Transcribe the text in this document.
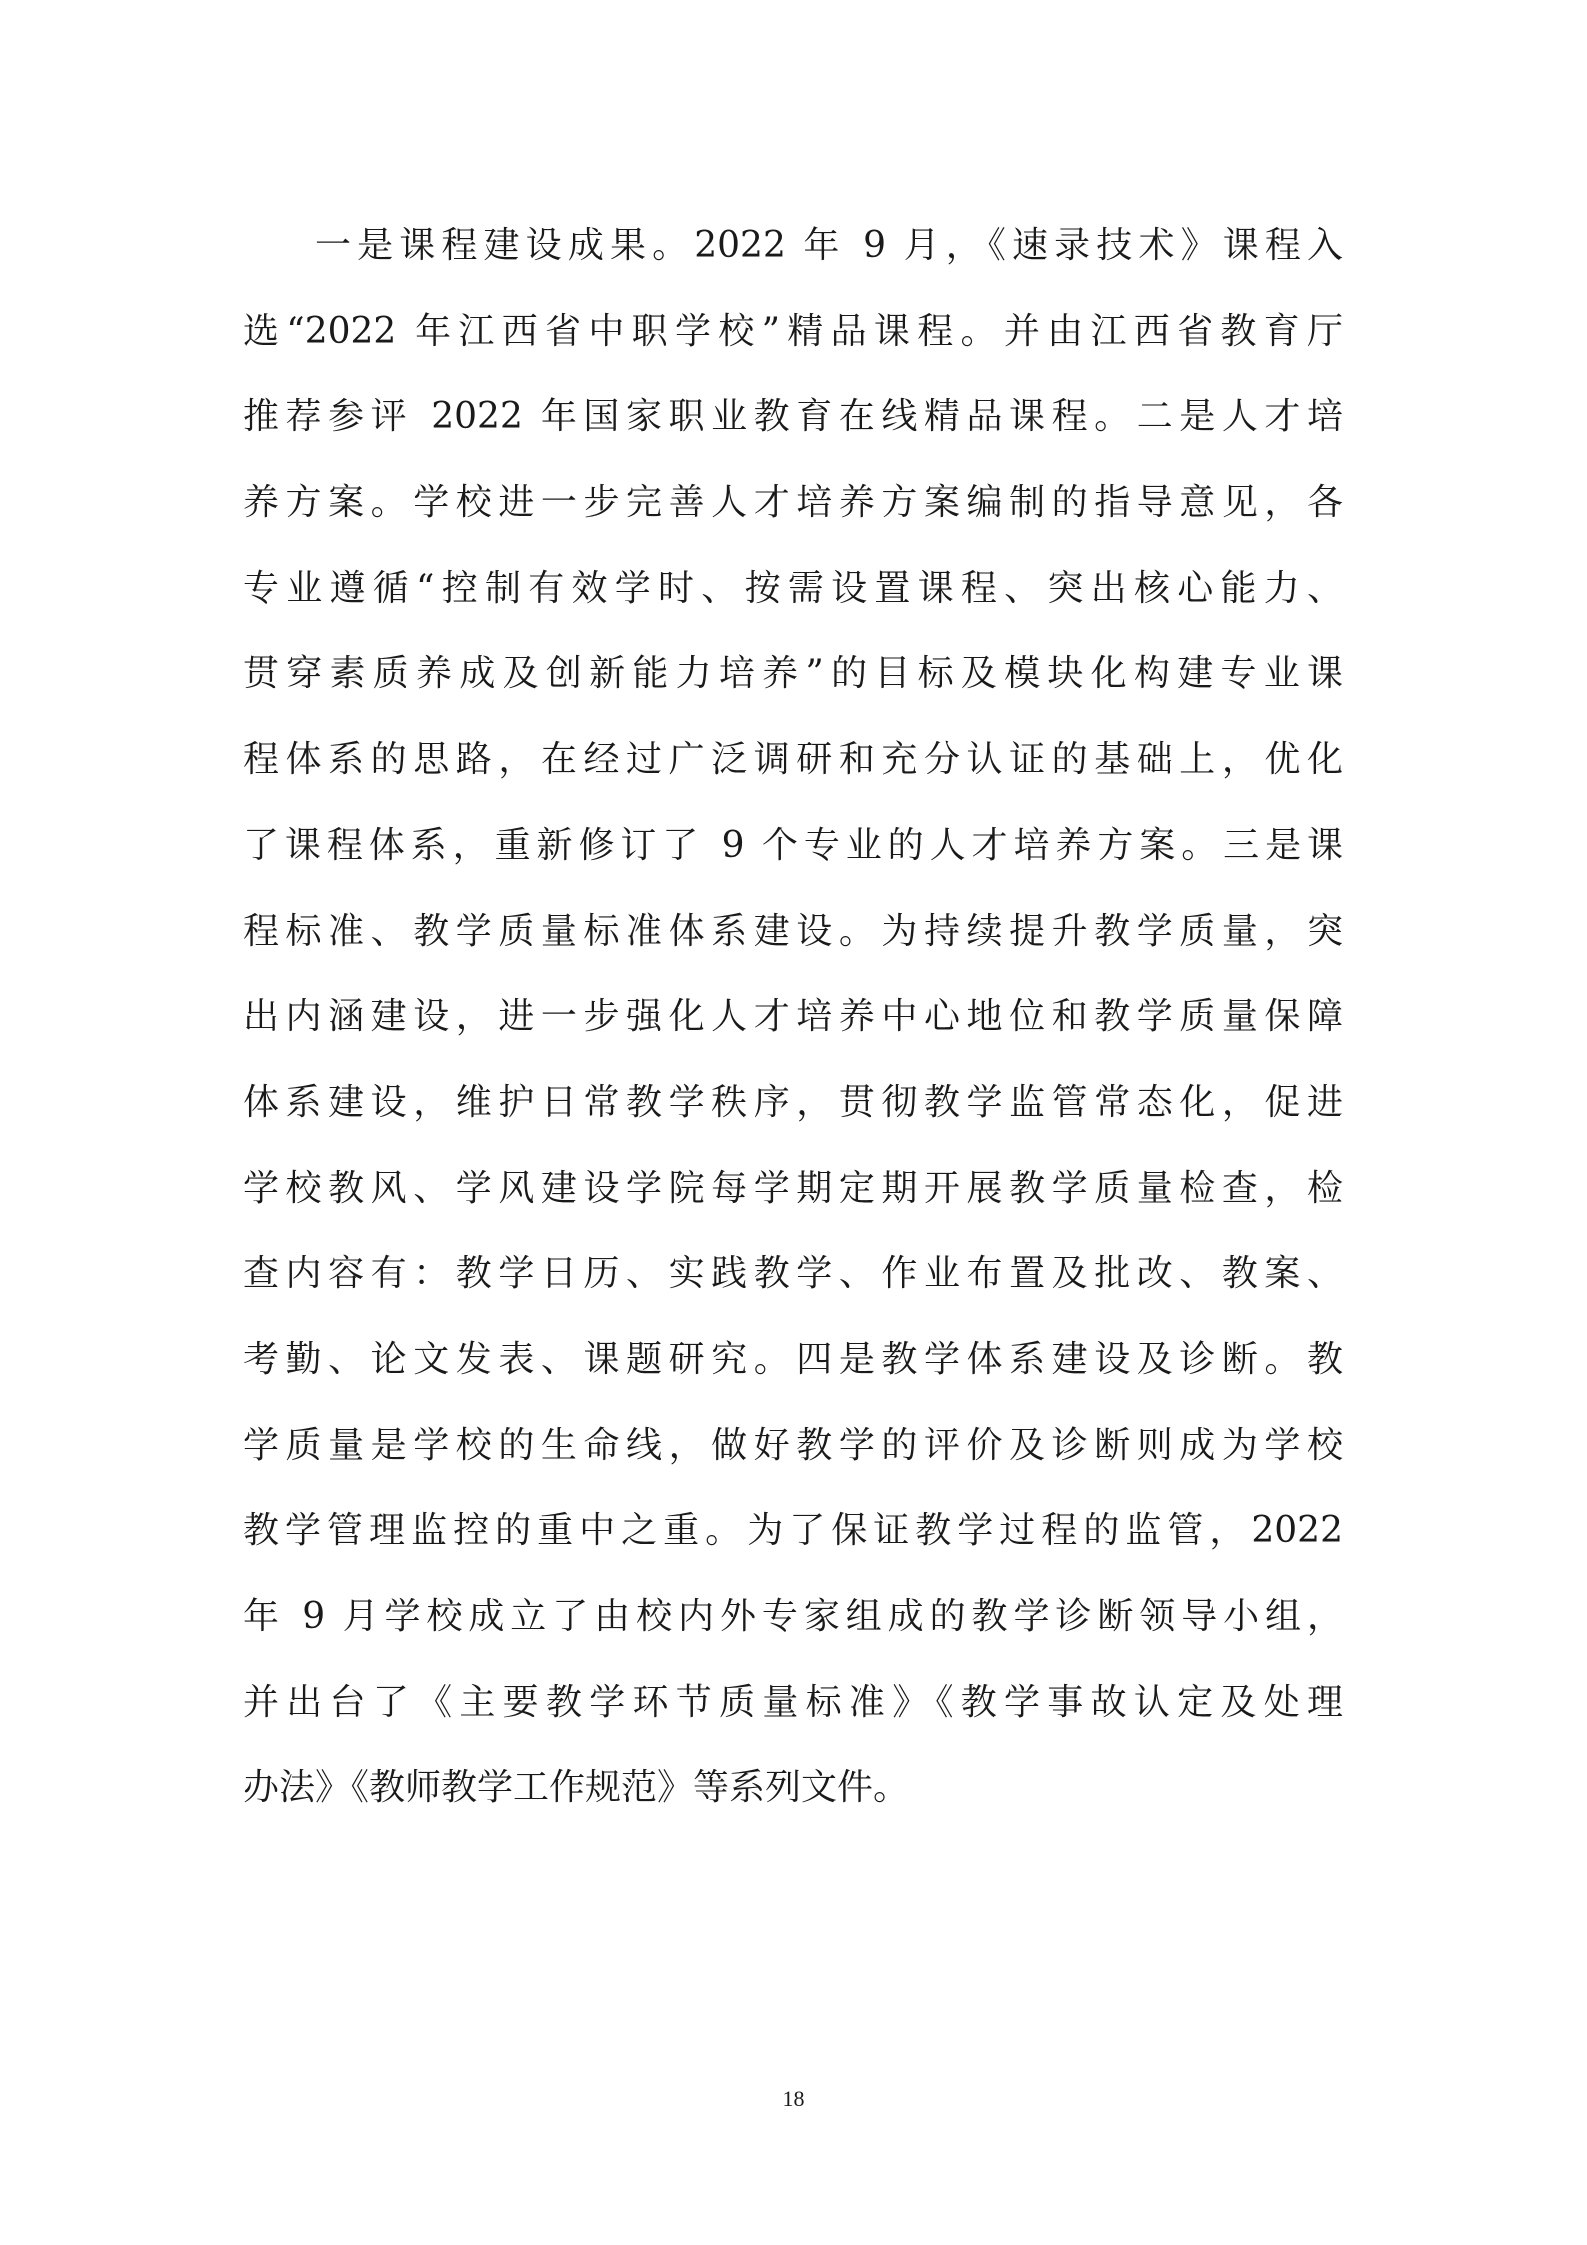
一是课程建设成果。2022 年 9 月，《速录技术》课程入
选“2022 年江西省中职学校”精品课程。并由江西省教育厅
推荐参评 2022 年国家职业教育在线精品课程。二是人才培
养方案。学校进一步完善人才培养方案编制的指导意见，各
专业遵循“控制有效学时、按需设置课程、突出核心能力、
贯穿素质养成及创新能力培养”的目标及模块化构建专业课
程体系的思路，在经过广泛调研和充分认证的基础上，优化
了课程体系，重新修订了 9 个专业的人才培养方案。三是课
程标准、教学质量标准体系建设。为持续提升教学质量，突
出内涵建设，进一步强化人才培养中心地位和教学质量保障
体系建设，维护日常教学秩序，贯彻教学监管常态化，促进
学校教风、学风建设学院每学期定期开展教学质量检查，检
查内容有：教学日历、实践教学、作业布置及批改、教案、
考勤、论文发表、课题研究。四是教学体系建设及诊断。教
学质量是学校的生命线，做好教学的评价及诊断则成为学校
教学管理监控的重中之重。为了保证教学过程的监管，2022
年 9 月学校成立了由校内外专家组成的教学诊断领导小组，
并出台了《主要教学环节质量标准》《教学事故认定及处理
办法》《教师教学工作规范》等系列文件。

18
